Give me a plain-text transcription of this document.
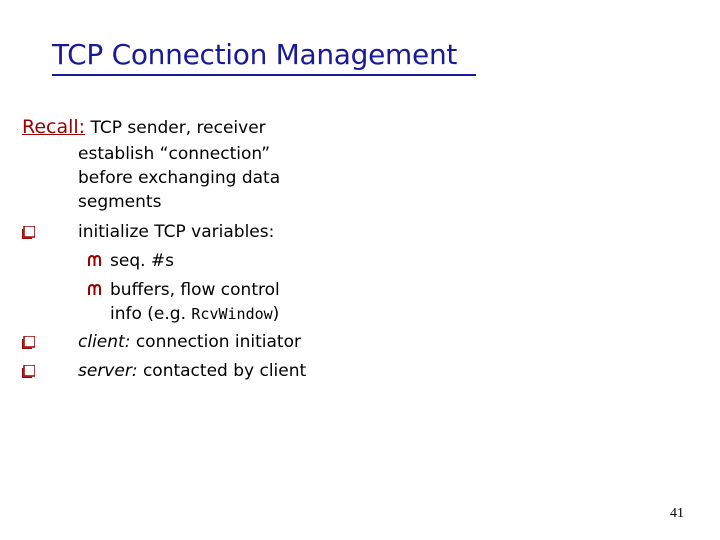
TCP Connection Management
Recall: TCP sender, receiver
establish “connection”
before exchanging data
segments
initialize TCP variables:
seq. #s
buffers, flow control
info (e.g. RcvWindow)
client: connection initiator
server: contacted by client
41
